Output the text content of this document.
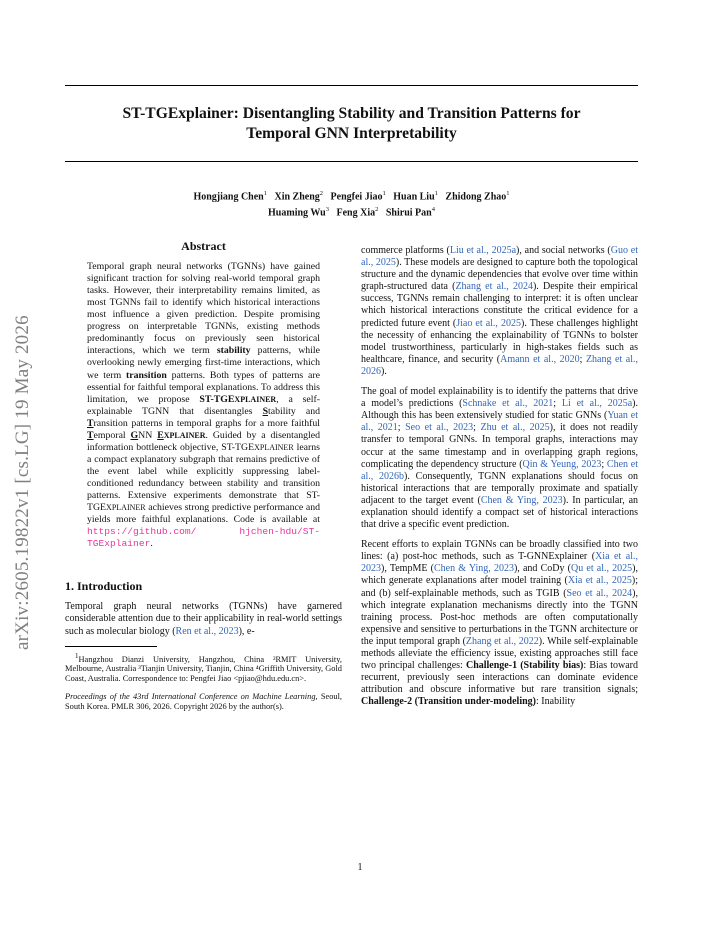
ST-TGExplainer: Disentangling Stability and Transition Patterns for
Temporal GNN Interpretability
Hongjiang Chen$^1$ Xin Zheng$^2$ Pengfei Jiao$^1$ Huan Liu$^1$ Zhidong Zhao$^1$
Huaming Wu$^3$ Feng Xia$^2$ Shirui Pan$^4$
arXiv:2605.19822v1 [cs.LG] 19 May 2026
Abstract
Temporal graph neural networks (TGNNs) have gained significant traction for solving real-world temporal graph tasks. However, their interpretability remains limited, as most TGNNs fail to identify which historical interactions most influence a given prediction. Despite promising progress on interpretable TGNNs, existing methods predominantly focus on previously seen historical interactions, which we term stability patterns, while overlooking newly emerging first-time interactions, which we term transition patterns. Both types of patterns are essential for faithful temporal explanations. To address this limitation, we propose ST-TGEXPLAINER, a self-explainable TGNN that disentangles Stability and Transition patterns in temporal graphs for a more faithful Temporal GNN EXPLAINER. Guided by a disentangled information bottleneck objective, ST-TGEXPLAINER learns a compact explanatory subgraph that remains predictive of the event label while explicitly suppressing label-conditioned redundancy between stability and transition patterns. Extensive experiments demonstrate that ST-TGEXPLAINER achieves strong predictive performance and yields more faithful explanations. Code is available at https://github.com/ hjchen-hdu/ST-TGExplainer.
1. Introduction
Temporal graph neural networks (TGNNs) have garnered considerable attention due to their applicability in real-world settings such as molecular biology (Ren et al., 2023), e-
$^1$Hangzhou Dianzi University, Hangzhou, China ²RMIT University, Melbourne, Australia ³Tianjin University, Tianjin, China ⁴Griffith University, Gold Coast, Australia. Correspondence to: Pengfei Jiao <pjiao@hdu.edu.cn>.
Proceedings of the 43rd International Conference on Machine Learning, Seoul, South Korea. PMLR 306, 2026. Copyright 2026 by the author(s).
commerce platforms (Liu et al., 2025a), and social networks (Guo et al., 2025). These models are designed to capture both the topological structure and the dynamic dependencies that evolve over time within graph-structured data (Zhang et al., 2024). Despite their empirical success, TGNNs remain challenging to interpret: it is often unclear which historical interactions constitute the critical evidence for a predicted future event (Jiao et al., 2025). These challenges highlight the necessity of enhancing the explainability of TGNNs to bolster model trustworthiness, particularly in high-stakes fields such as healthcare, finance, and security (Amann et al., 2020; Zhang et al., 2026).
The goal of model explainability is to identify the patterns that drive a model’s predictions (Schnake et al., 2021; Li et al., 2025a). Although this has been extensively studied for static GNNs (Yuan et al., 2021; Seo et al., 2023; Zhu et al., 2025), it does not readily transfer to temporal GNNs. In temporal graphs, interactions may occur at the same timestamp and in overlapping graph regions, complicating the dependency structure (Qin & Yeung, 2023; Chen et al., 2026b). Consequently, TGNN explanations should focus on historical interactions that are temporally proximate and spatially adjacent to the target event (Chen & Ying, 2023). In particular, an explanation should identify a compact set of historical interactions that drive a specific event prediction.
Recent efforts to explain TGNNs can be broadly classified into two lines: (a) post-hoc methods, such as T-GNNExplainer (Xia et al., 2023), TempME (Chen & Ying, 2023), and CoDy (Qu et al., 2025), which generate explanations after model training (Xia et al., 2025); and (b) self-explainable methods, such as TGIB (Seo et al., 2024), which integrate explanation mechanisms directly into the TGNN training process. Post-hoc methods are often computationally expensive and sensitive to perturbations in the TGNN architecture or the input temporal graph (Zhang et al., 2022). While self-explainable methods alleviate the efficiency issue, existing approaches still face two principal challenges: Challenge-1 (Stability bias): Bias toward recurrent, previously seen interactions can dominate evidence attribution and obscure informative but rare transition signals; Challenge-2 (Transition under-modeling): Inability
1
